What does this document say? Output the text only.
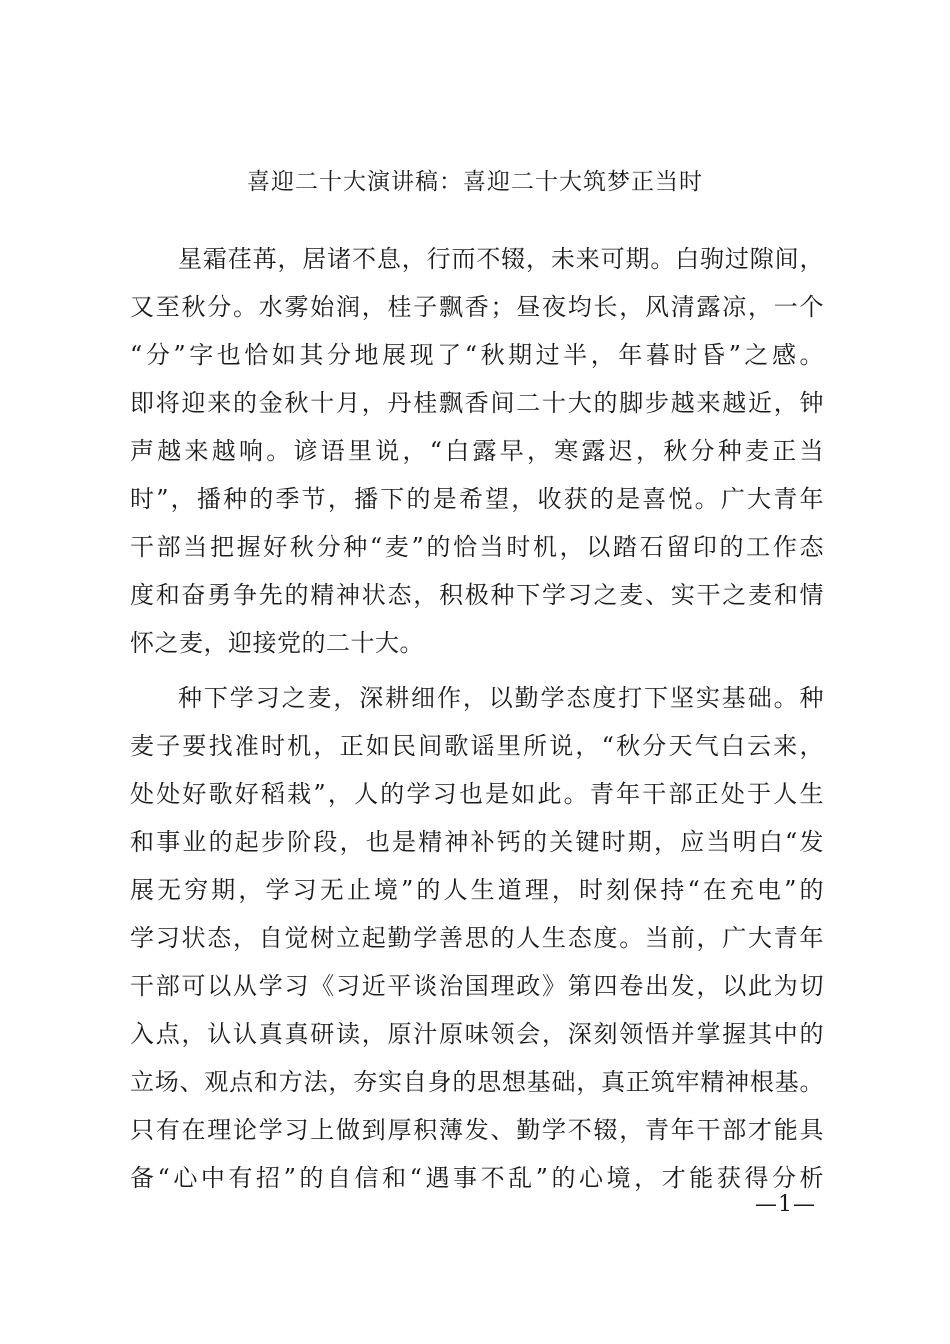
喜迎二十大演讲稿：喜迎二十大筑梦正当时
星霜荏苒，居诸不息，行而不辍，未来可期。白驹过隙间，
又至秋分。水雾始润，桂子飘香；昼夜均长，风清露凉，一个
“分”字也恰如其分地展现了“秋期过半，年暮时昏”之感。
即将迎来的金秋十月，丹桂飘香间二十大的脚步越来越近，钟
声越来越响。谚语里说，“白露早，寒露迟，秋分种麦正当
时”，播种的季节，播下的是希望，收获的是喜悦。广大青年
干部当把握好秋分种“麦”的恰当时机，以踏石留印的工作态
度和奋勇争先的精神状态，积极种下学习之麦、实干之麦和情
怀之麦，迎接党的二十大。
种下学习之麦，深耕细作，以勤学态度打下坚实基础。种
麦子要找准时机，正如民间歌谣里所说，“秋分天气白云来，
处处好歌好稻栽”，人的学习也是如此。青年干部正处于人生
和事业的起步阶段，也是精神补钙的关键时期，应当明白“发
展无穷期，学习无止境”的人生道理，时刻保持“在充电”的
学习状态，自觉树立起勤学善思的人生态度。当前，广大青年
干部可以从学习《习近平谈治国理政》第四卷出发，以此为切
入点，认认真真研读，原汁原味领会，深刻领悟并掌握其中的
立场、观点和方法，夯实自身的思想基础，真正筑牢精神根基。
只有在理论学习上做到厚积薄发、勤学不辍，青年干部才能具
备“心中有招”的自信和“遇事不乱”的心境，才能获得分析
—1—
